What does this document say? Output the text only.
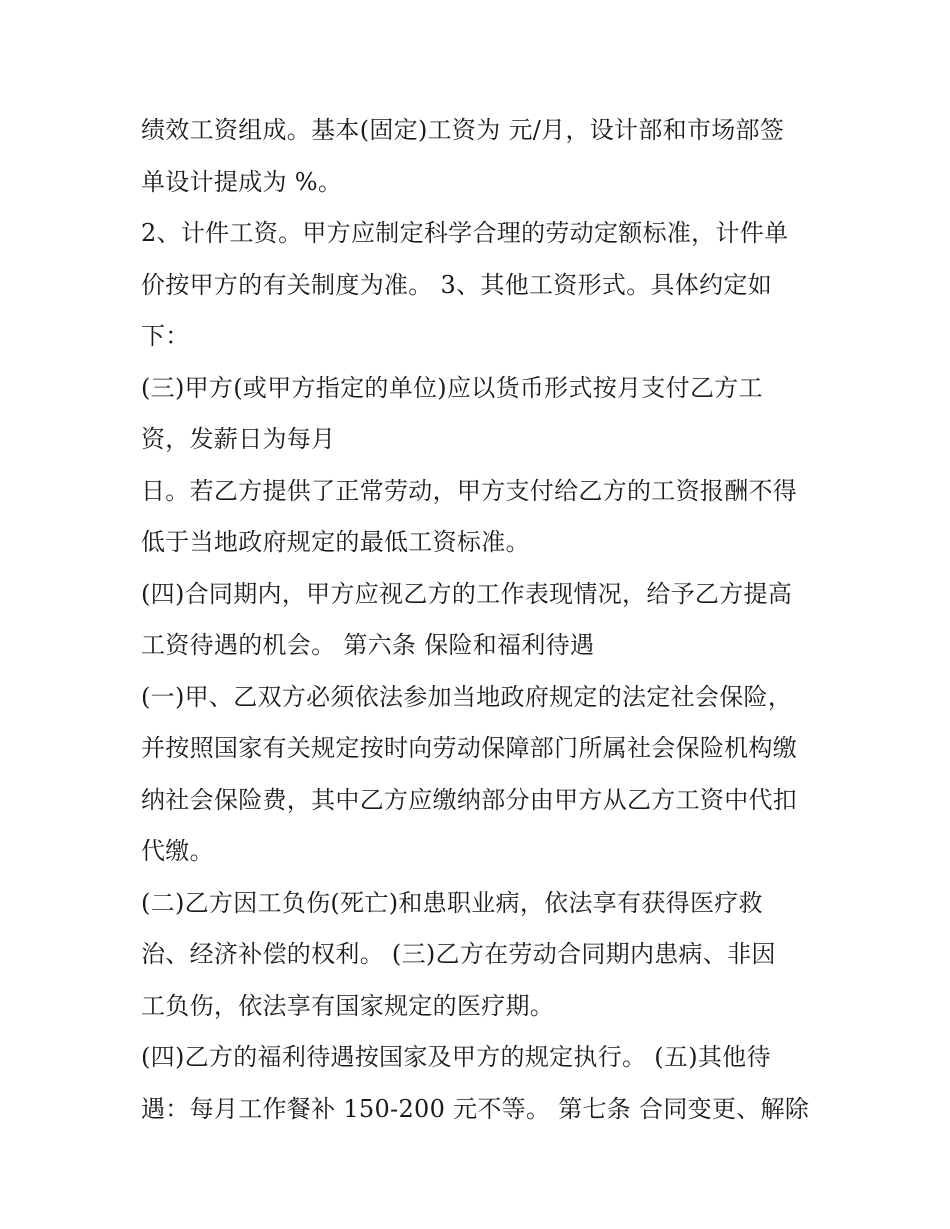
绩效工资组成。基本(固定)工资为 元/月，设计部和市场部签
单设计提成为 %。
2、计件工资。甲方应制定科学合理的劳动定额标准，计件单
价按甲方的有关制度为准。 3、其他工资形式。具体约定如
下：
(三)甲方(或甲方指定的单位)应以货币形式按月支付乙方工
资，发薪日为每月
日。若乙方提供了正常劳动，甲方支付给乙方的工资报酬不得
低于当地政府规定的最低工资标准。
(四)合同期内，甲方应视乙方的工作表现情况，给予乙方提高
工资待遇的机会。 第六条 保险和福利待遇
(一)甲、乙双方必须依法参加当地政府规定的法定社会保险，
并按照国家有关规定按时向劳动保障部门所属社会保险机构缴
纳社会保险费，其中乙方应缴纳部分由甲方从乙方工资中代扣
代缴。
(二)乙方因工负伤(死亡)和患职业病，依法享有获得医疗救
治、经济补偿的权利。 (三)乙方在劳动合同期内患病、非因
工负伤，依法享有国家规定的医疗期。
(四)乙方的福利待遇按国家及甲方的规定执行。 (五)其他待
遇：每月工作餐补 150-200 元不等。 第七条 合同变更、解除
